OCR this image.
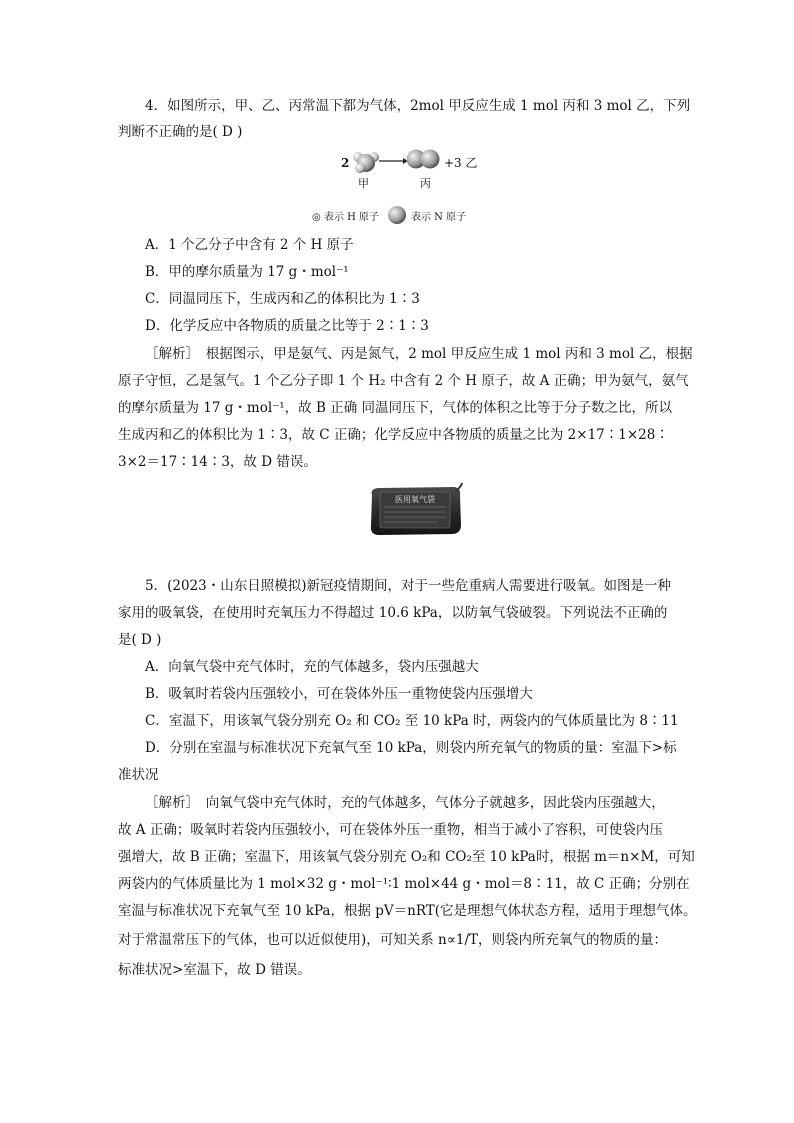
4．如图所示，甲、乙、丙常温下都为气体，2mol 甲反应生成 1 mol 丙和 3 mol 乙，下列
判断不正确的是( D )
2	+3 乙
甲	丙
◎ 表示 H 原子	表示 N 原子
A．1 个乙分子中含有 2 个 H 原子
B．甲的摩尔质量为 17 g・mol⁻¹
C．同温同压下，生成丙和乙的体积比为 1∶3
D．化学反应中各物质的质量之比等于 2∶1∶3
［解析］　根据图示，甲是氨气、丙是氮气，2 mol 甲反应生成 1 mol 丙和 3 mol 乙，根据
原子守恒，乙是氢气。1 个乙分子即 1 个 H₂ 中含有 2 个 H 原子，故 A 正确；甲为氨气，氨气
的摩尔质量为 17 g・mol⁻¹，故 B 正确 同温同压下，气体的体积之比等于分子数之比，所以
生成丙和乙的体积比为 1∶3，故 C 正确；化学反应中各物质的质量之比为 2×17∶1×28∶
3×2＝17∶14∶3，故 D 错误。
医用氧气袋
5．(2023・山东日照模拟)新冠疫情期间，对于一些危重病人需要进行吸氧。如图是一种
家用的吸氧袋，在使用时充氧压力不得超过 10.6 kPa，以防氧气袋破裂。下列说法不正确的
是( D )
A．向氧气袋中充气体时，充的气体越多，袋内压强越大
B．吸氧时若袋内压强较小，可在袋体外压一重物使袋内压强增大
C．室温下，用该氧气袋分别充 O₂ 和 CO₂ 至 10 kPa 时，两袋内的气体质量比为 8∶11
D．分别在室温与标准状况下充氧气至 10 kPa，则袋内所充氧气的物质的量：室温下>标
准状况
［解析］　向氧气袋中充气体时，充的气体越多，气体分子就越多，因此袋内压强越大，
故 A 正确；吸氧时若袋内压强较小，可在袋体外压一重物，相当于减小了容积，可使袋内压
强增大，故 B 正确；室温下，用该氧气袋分别充 O₂和 CO₂至 10 kPa时，根据 m＝n×M，可知
两袋内的气体质量比为 1 mol×32 g・mol⁻¹∶1 mol×44 g・mol＝8∶11，故 C 正确；分别在
室温与标准状况下充氧气至 10 kPa，根据 pV＝nRT(它是理想气体状态方程，适用于理想气体。
对于常温常压下的气体，也可以近似使用)，可知关系 n∝1/T，则袋内所充氧气的物质的量：
标准状况>室温下，故 D 错误。
